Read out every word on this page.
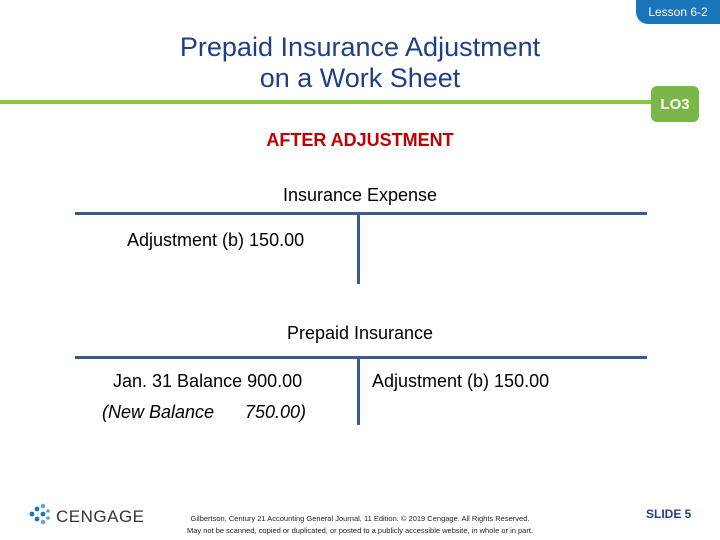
Lesson 6-2
Prepaid Insurance Adjustment
on a Work Sheet
LO3
AFTER ADJUSTMENT
Insurance Expense
Adjustment (b) 150.00
Prepaid Insurance
Jan. 31 Balance 900.00
(New Balance 750.00)
Adjustment (b) 150.00
CENGAGE	Gilbertson, Century 21 Accounting General Journal, 11 Edition. © 2019 Cengage. All Rights Reserved.
May not be scanned, copied or duplicated, or posted to a publicly accessible website, in whole or in part.
SLIDE 5
